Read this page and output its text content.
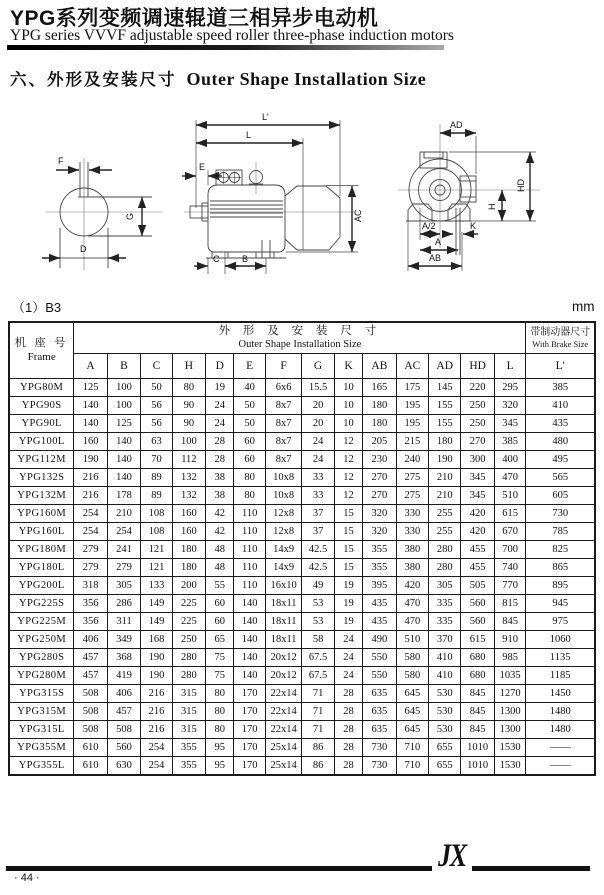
YPG系列变频调速辊道三相异步电动机
YPG series VVVF adjustable speed roller three-phase induction motors
六、外形及安装尺寸 Outer Shape Installation Size
F
G
D
L'
L
E
AC
C	B
AD
HD
H
A/2	K
A
AB
（1）B3	mm
机 座 号
Frame

外 形 及 安 装 尺 寸
Outer Shape Installation Size

带制动器尺寸
With Brake Size

	A	B	C	H	D	E	F	G	K	AB	AC	AD	HD	L	L'
YPG80M	125	100	50	80	19	40	6x6	15.5	10	165	175	145	220	295	385
YPG90S	140	100	56	90	24	50	8x7	20	10	180	195	155	250	320	410
YPG90L	140	125	56	90	24	50	8x7	20	10	180	195	155	250	345	435
YPG100L	160	140	63	100	28	60	8x7	24	12	205	215	180	270	385	480
YPG112M	190	140	70	112	28	60	8x7	24	12	230	240	190	300	400	495
YPG132S	216	140	89	132	38	80	10x8	33	12	270	275	210	345	470	565
YPG132M	216	178	89	132	38	80	10x8	33	12	270	275	210	345	510	605
YPG160M	254	210	108	160	42	110	12x8	37	15	320	330	255	420	615	730
YPG160L	254	254	108	160	42	110	12x8	37	15	320	330	255	420	670	785
YPG180M	279	241	121	180	48	110	14x9	42.5	15	355	380	280	455	700	825
YPG180L	279	279	121	180	48	110	14x9	42.5	15	355	380	280	455	740	865
YPG200L	318	305	133	200	55	110	16x10	49	19	395	420	305	505	770	895
YPG225S	356	286	149	225	60	140	18x11	53	19	435	470	335	560	815	945
YPG225M	356	311	149	225	60	140	18x11	53	19	435	470	335	560	845	975
YPG250M	406	349	168	250	65	140	18x11	58	24	490	510	370	615	910	1060
YPG280S	457	368	190	280	75	140	20x12	67.5	24	550	580	410	680	985	1135
YPG280M	457	419	190	280	75	140	20x12	67.5	24	550	580	410	680	1035	1185
YPG315S	508	406	216	315	80	170	22x14	71	28	635	645	530	845	1270	1450
YPG315M	508	457	216	315	80	170	22x14	71	28	635	645	530	845	1300	1480
YPG315L	508	508	216	315	80	170	22x14	71	28	635	645	530	845	1300	1480
YPG355M	610	560	254	355	95	170	25x14	86	28	730	710	655	1010	1530	——
YPG355L	610	630	254	355	95	170	25x14	86	28	730	710	655	1010	1530	——
JX
· 44 ·
